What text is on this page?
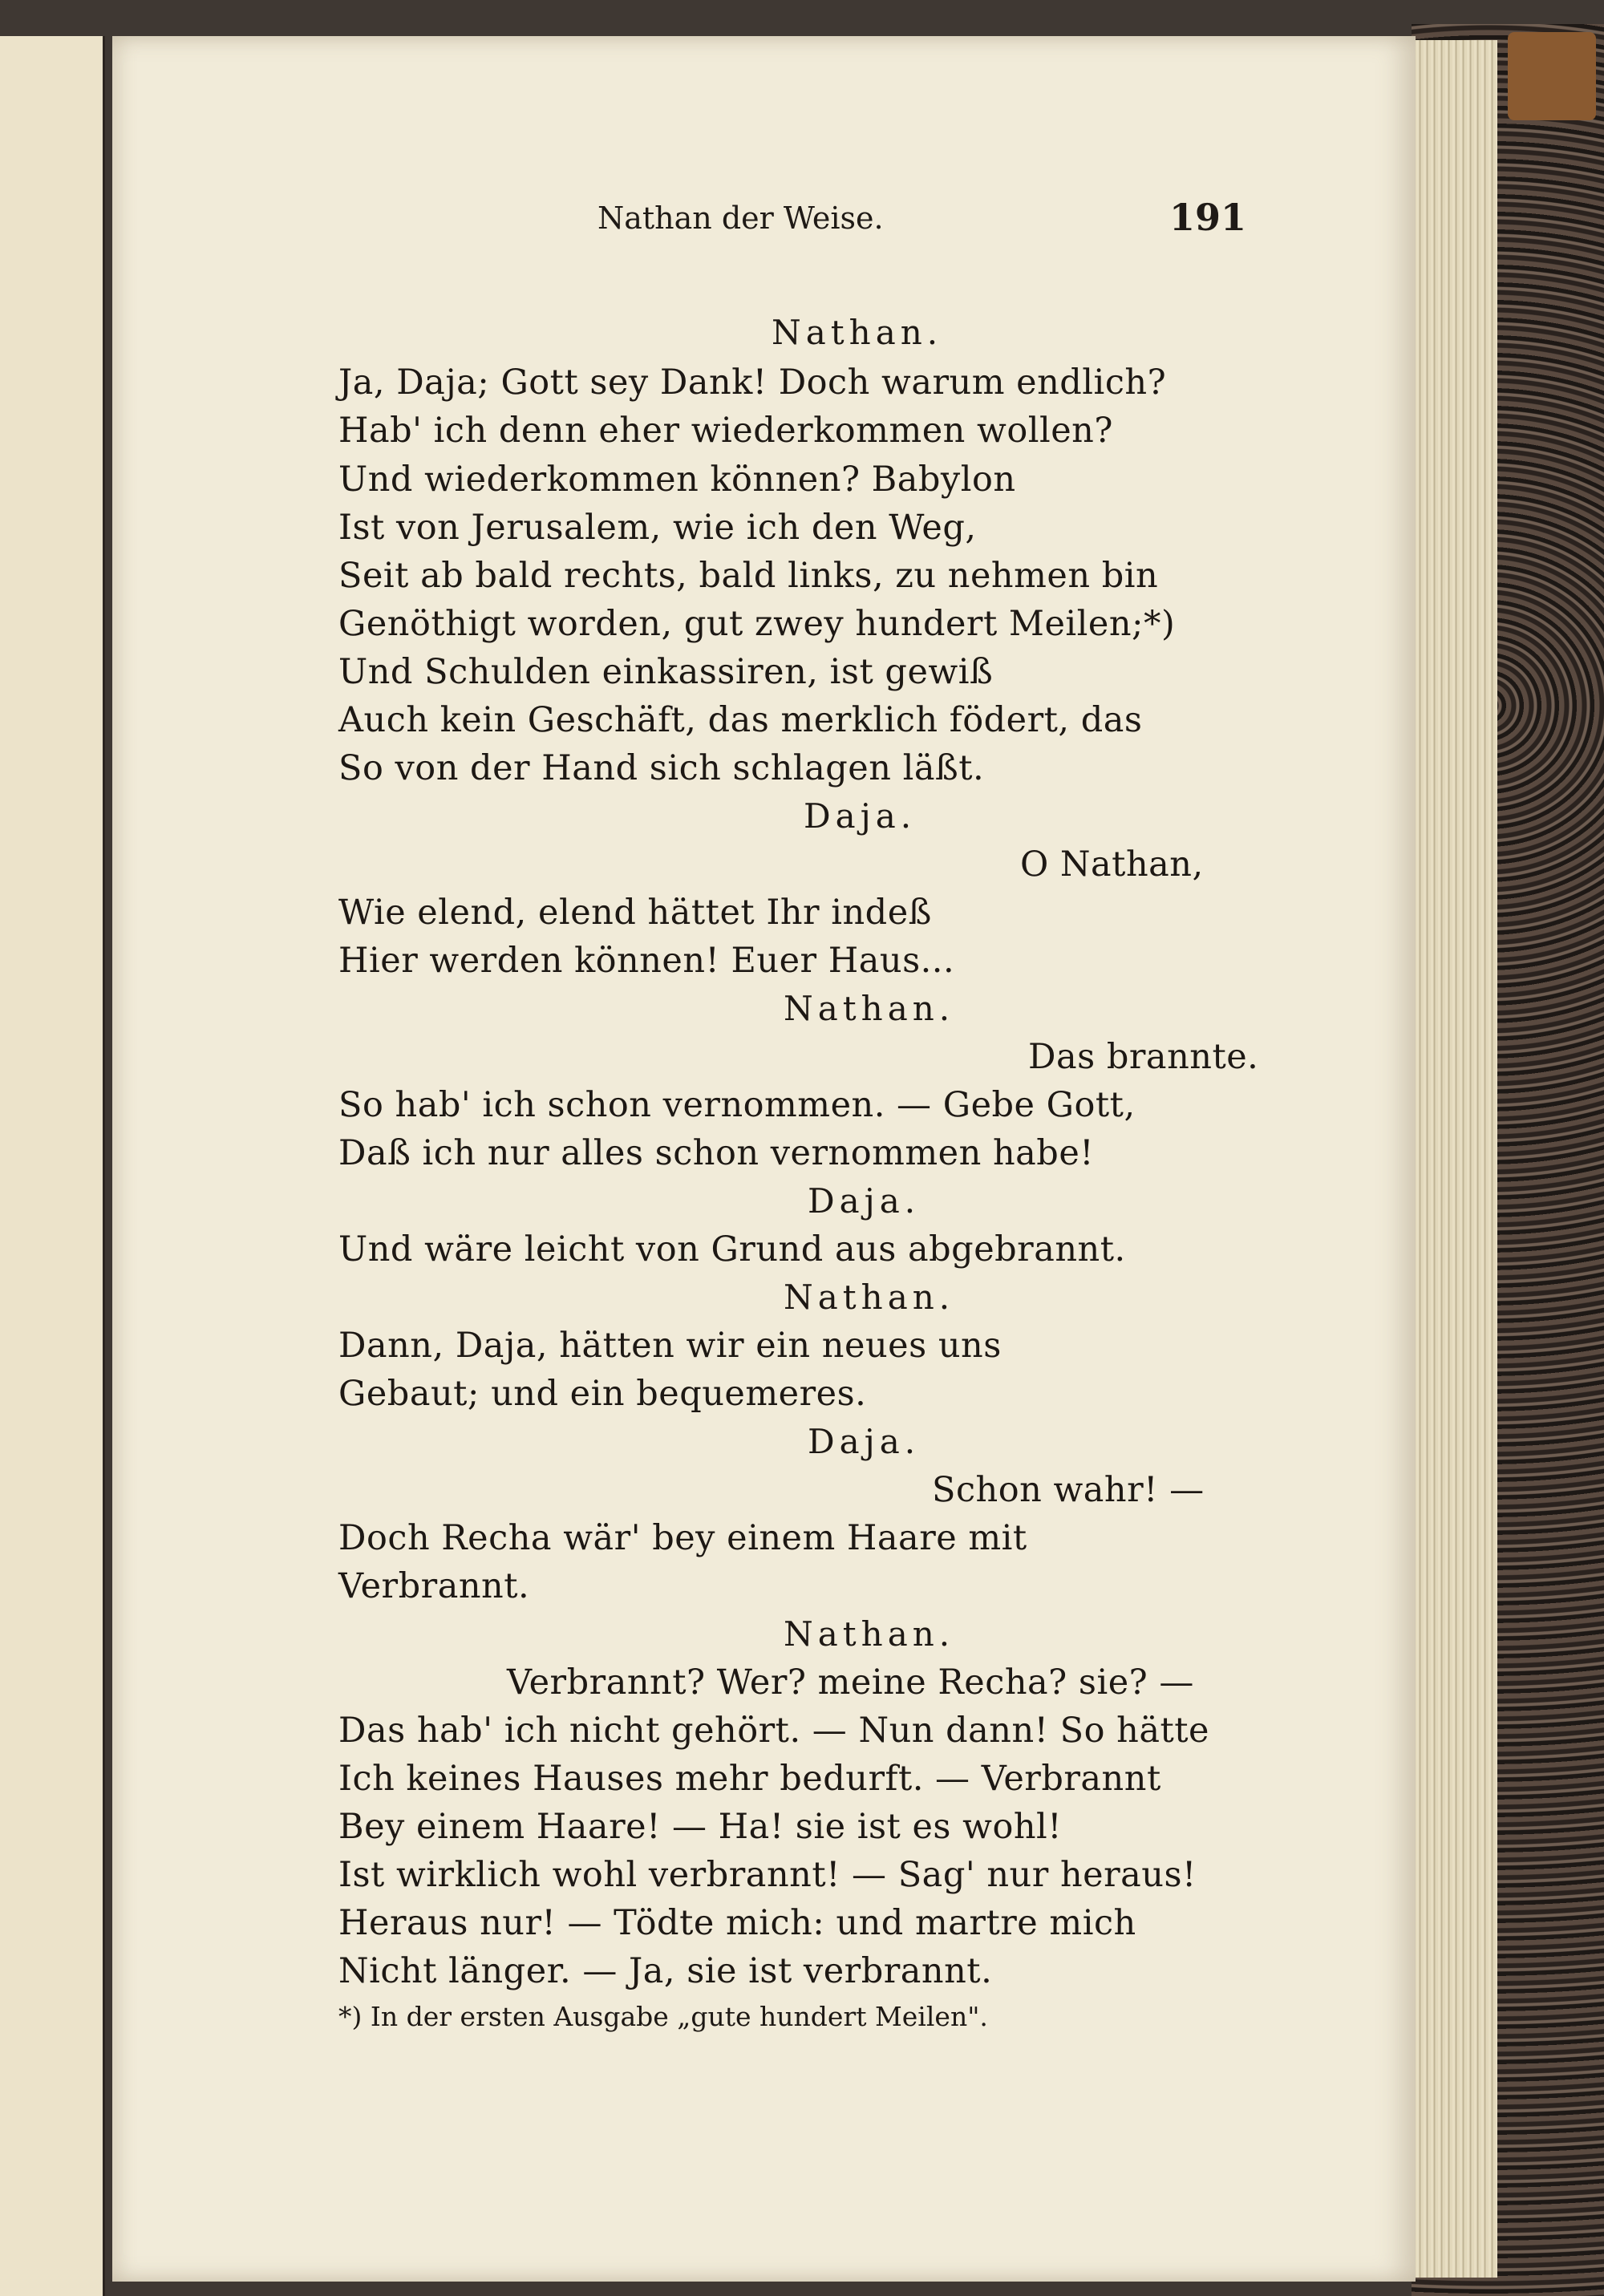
Nathan der Weise.	191
Nathan.
Ja, Daja; Gott sey Dank! Doch warum endlich?
Hab' ich denn eher wiederkommen wollen?
Und wiederkommen können? Babylon
Ist von Jerusalem, wie ich den Weg,
Seit ab bald rechts, bald links, zu nehmen bin
Genöthigt worden, gut zwey hundert Meilen;*)
Und Schulden einkassiren, ist gewiß
Auch kein Geschäft, das merklich födert, das
So von der Hand sich schlagen läßt.
Daja.
O Nathan,
Wie elend, elend hättet Ihr indeß
Hier werden können! Euer Haus...
Nathan.
Das brannte.
So hab' ich schon vernommen. — Gebe Gott,
Daß ich nur alles schon vernommen habe!
Daja.
Und wäre leicht von Grund aus abgebrannt.
Nathan.
Dann, Daja, hätten wir ein neues uns
Gebaut; und ein bequemeres.
Daja.
Schon wahr! —
Doch Recha wär' bey einem Haare mit
Verbrannt.
Nathan.
Verbrannt? Wer? meine Recha? sie? —
Das hab' ich nicht gehört. — Nun dann! So hätte
Ich keines Hauses mehr bedurft. — Verbrannt
Bey einem Haare! — Ha! sie ist es wohl!
Ist wirklich wohl verbrannt! — Sag' nur heraus!
Heraus nur! — Tödte mich: und martre mich
Nicht länger. — Ja, sie ist verbrannt.
*) In der ersten Ausgabe „gute hundert Meilen".
